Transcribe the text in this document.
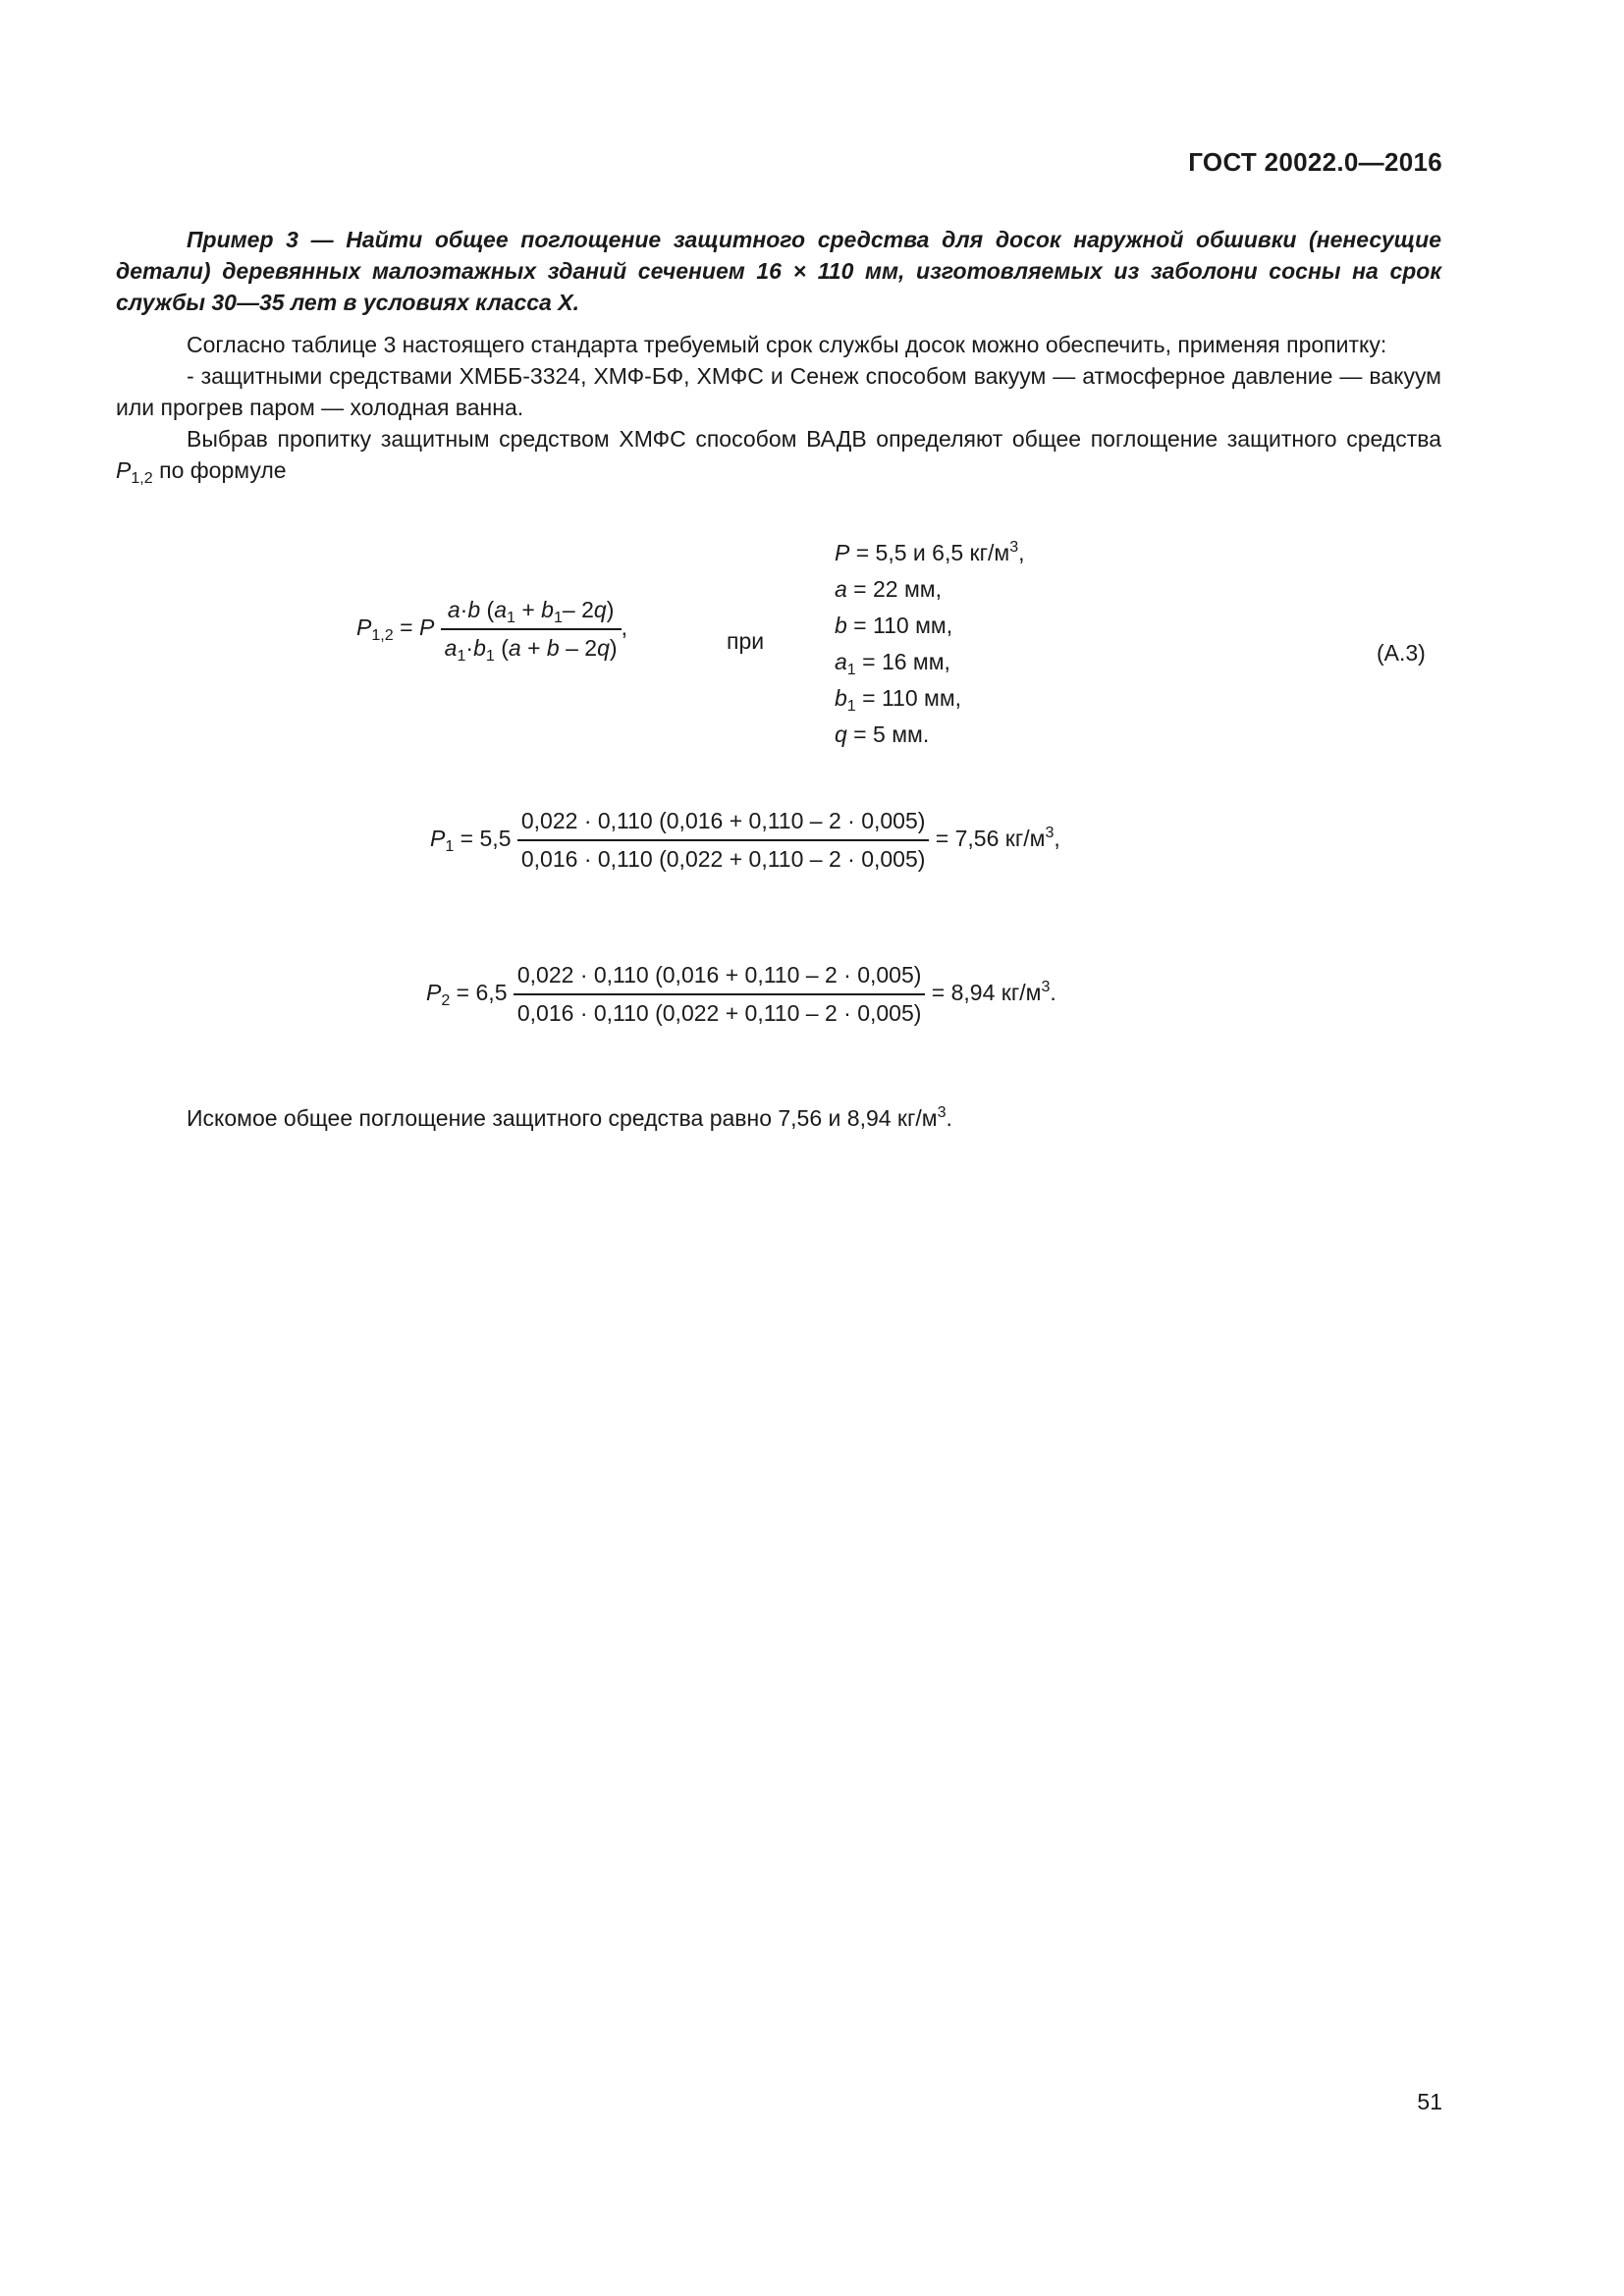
ГОСТ 20022.0—2016
Пример 3 — Найти общее поглощение защитного средства для досок наружной обшивки (ненесущие детали) деревянных малоэтажных зданий сечением 16 × 110 мм, изготовляемых из заболони сосны на срок службы 30—35 лет в условиях класса X.

Согласно таблице 3 настоящего стандарта требуемый срок службы досок можно обеспечить, применяя пропитку:

- защитными средствами ХМББ-3324, ХМФ-БФ, ХМФС и Сенеж способом вакуум — атмосферное давление — вакуум или прогрев паром — холодная ванна.

Выбрав пропитку защитным средством ХМФС способом ВАДВ определяют общее поглощение защитного средства $P_{1,2}$ по формуле

$P_{1,2} = P \frac{a\cdot b (a_1 + b_1- 2q)}{a_1\cdot b_1 (a + b - 2q)}$ ,
при	(А.3)
P = 5,5 и 6,5 $кг/м^3$,
a = 22 мм,
b = 110 мм,
$a_1 = 16$ мм,
$b_1 = 110$ мм,
q = 5 мм.
$P_1 = 5,5 \frac{0,022 \cdot 0,110 (0,016 + 0,110 - 2 \cdot 0,005)}{0,016 \cdot 0,110 (0,022 + 0,110 - 2 \cdot 0,005)} = 7,56$ $кг/м^3$,
$P_2 = 6,5 \frac{0,022 \cdot 0,110 (0,016 + 0,110 - 2 \cdot 0,005)}{0,016 \cdot 0,110 (0,022 + 0,110 - 2 \cdot 0,005)} = 8,94$ $кг/м^3$.
Искомое общее поглощение защитного средства равно 7,56 и 8,94 $кг/м^3$.
51
